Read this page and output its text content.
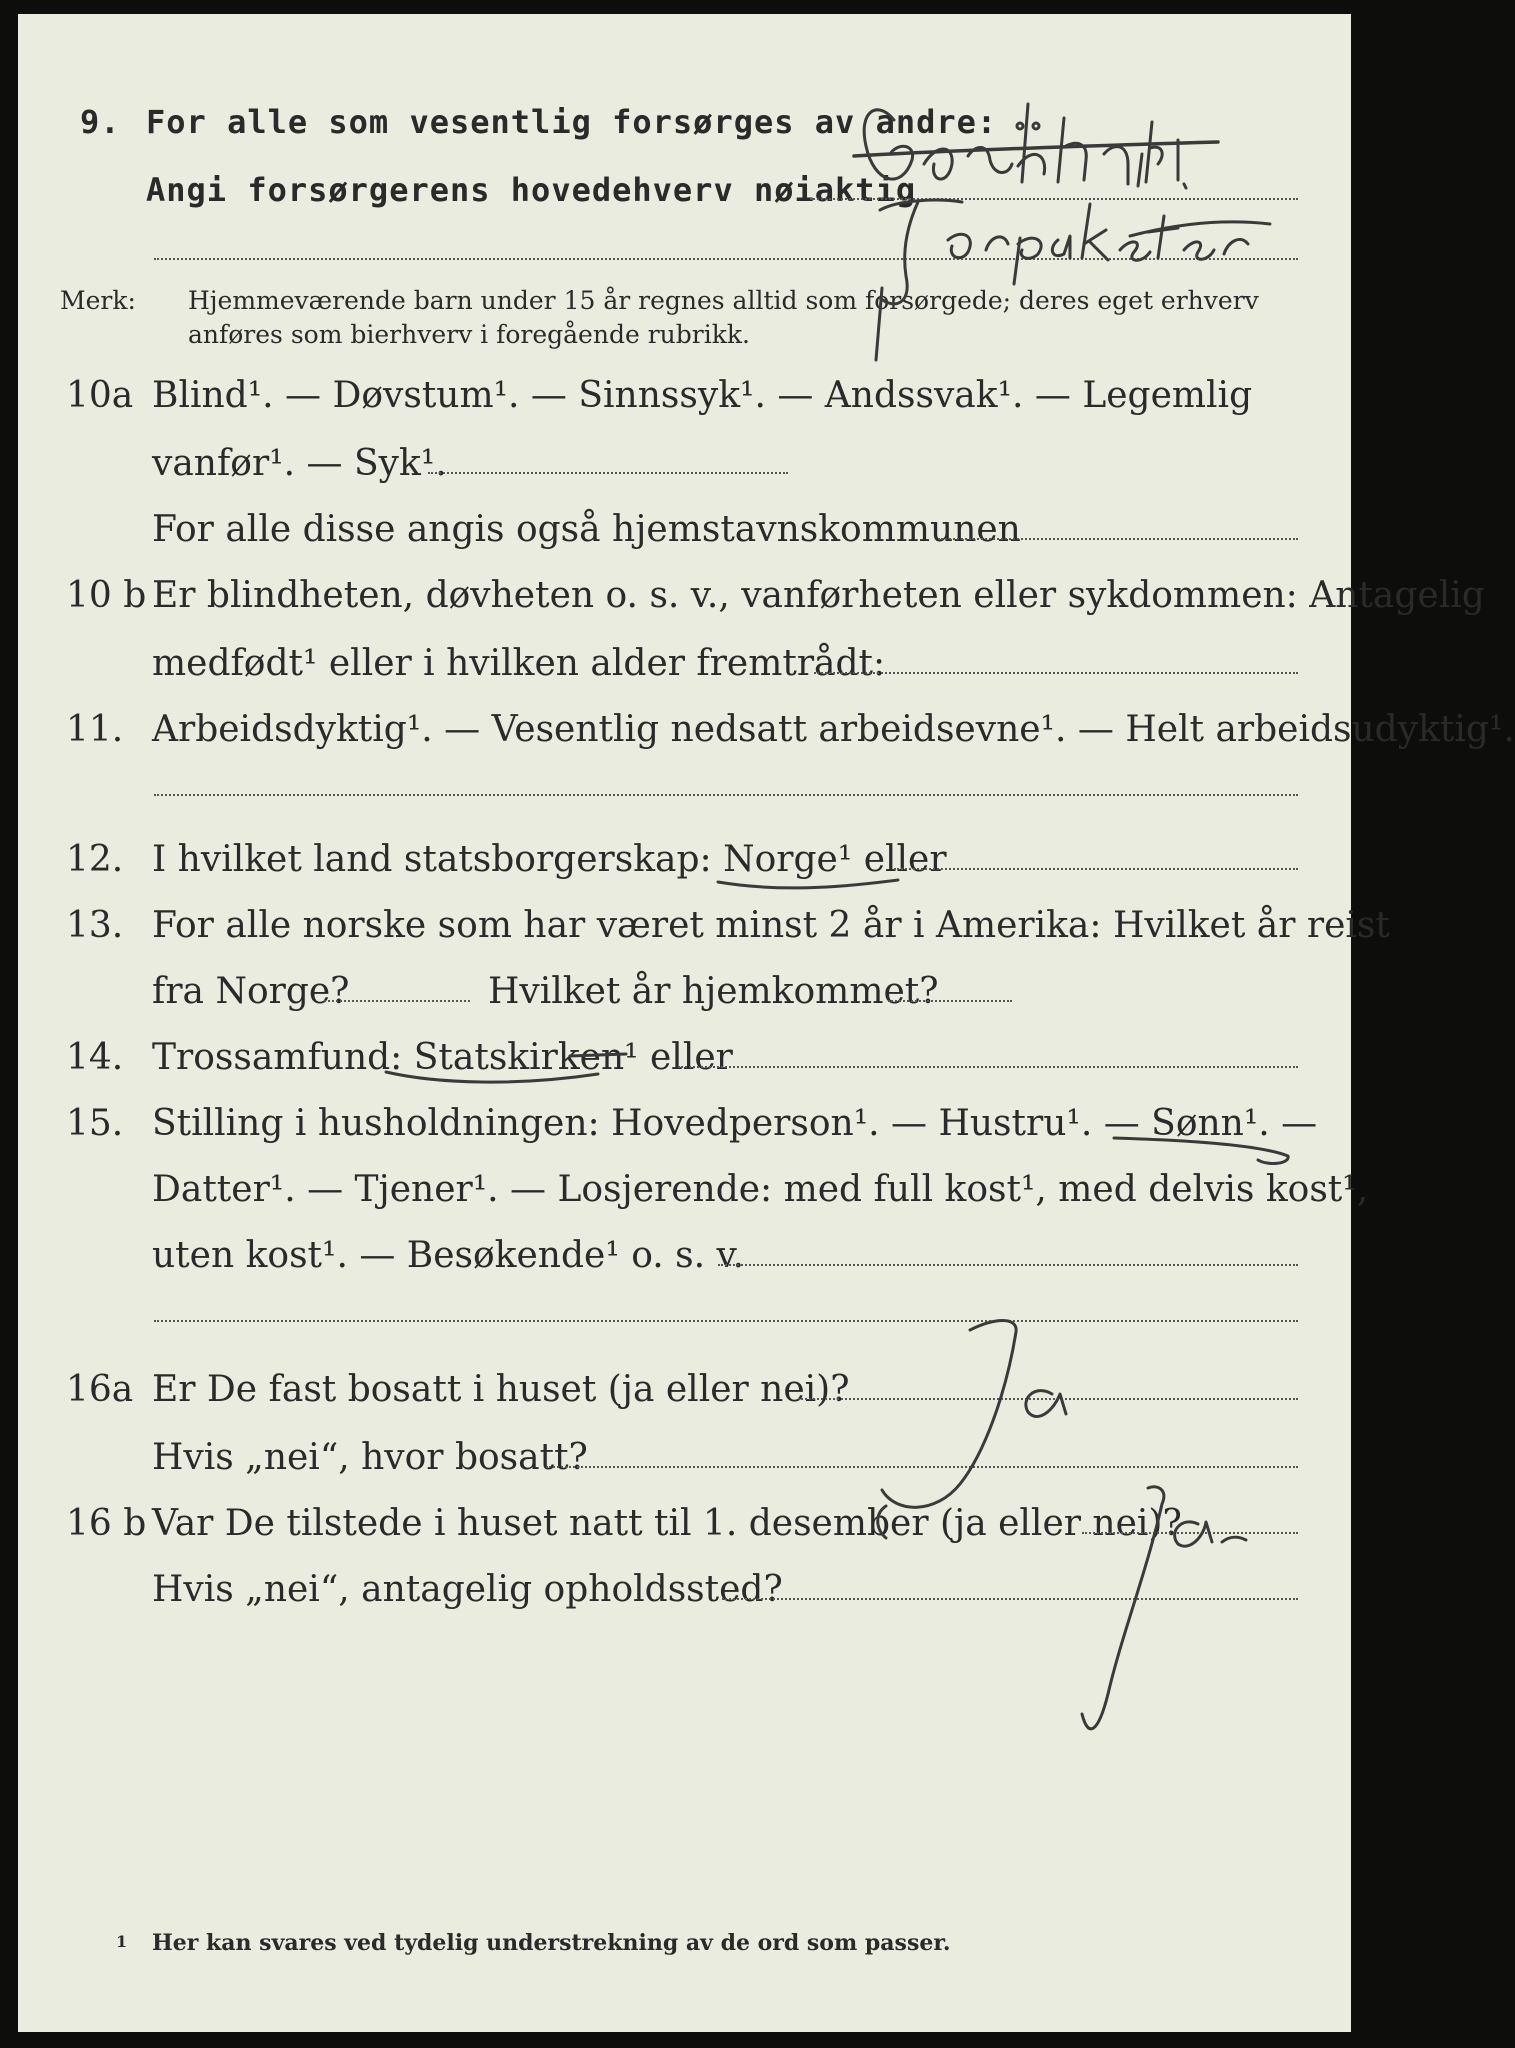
9. For alle som vesentlig forsørges av andre:
Angi forsørgerens hovedehverv nøiaktig
Merk: Hjemmeværende barn under 15 år regnes alltid som forsørgede; deres eget erhverv
anføres som bierhverv i foregående rubrikk.
10a Blind¹. — Døvstum¹. — Sinnssyk¹. — Andssvak¹. — Legemlig
vanfør¹. — Syk¹.
For alle disse angis også hjemstavnskommunen
10 b Er blindheten, døvheten o. s. v., vanførheten eller sykdommen: Antagelig
medfødt¹ eller i hvilken alder fremtrådt:
11. Arbeidsdyktig¹. — Vesentlig nedsatt arbeidsevne¹. — Helt arbeidsudyktig¹.
12. I hvilket land statsborgerskap: Norge¹ eller
13. For alle norske som har været minst 2 år i Amerika: Hvilket år reist
fra Norge?	Hvilket år hjemkommet?
14. Trossamfund: Statskirken¹ eller
15. Stilling i husholdningen: Hovedperson¹. — Hustru¹. — Sønn¹. —
Datter¹. — Tjener¹. — Losjerende: med full kost¹, med delvis kost¹,
uten kost¹. — Besøkende¹ o. s. v.
16a Er De fast bosatt i huset (ja eller nei)?
Hvis „nei“, hvor bosatt?
16 b Var De tilstede i huset natt til 1. desember (ja eller nei)?
Hvis „nei“, antagelig opholdssted?
1 Her kan svares ved tydelig understrekning av de ord som passer.
